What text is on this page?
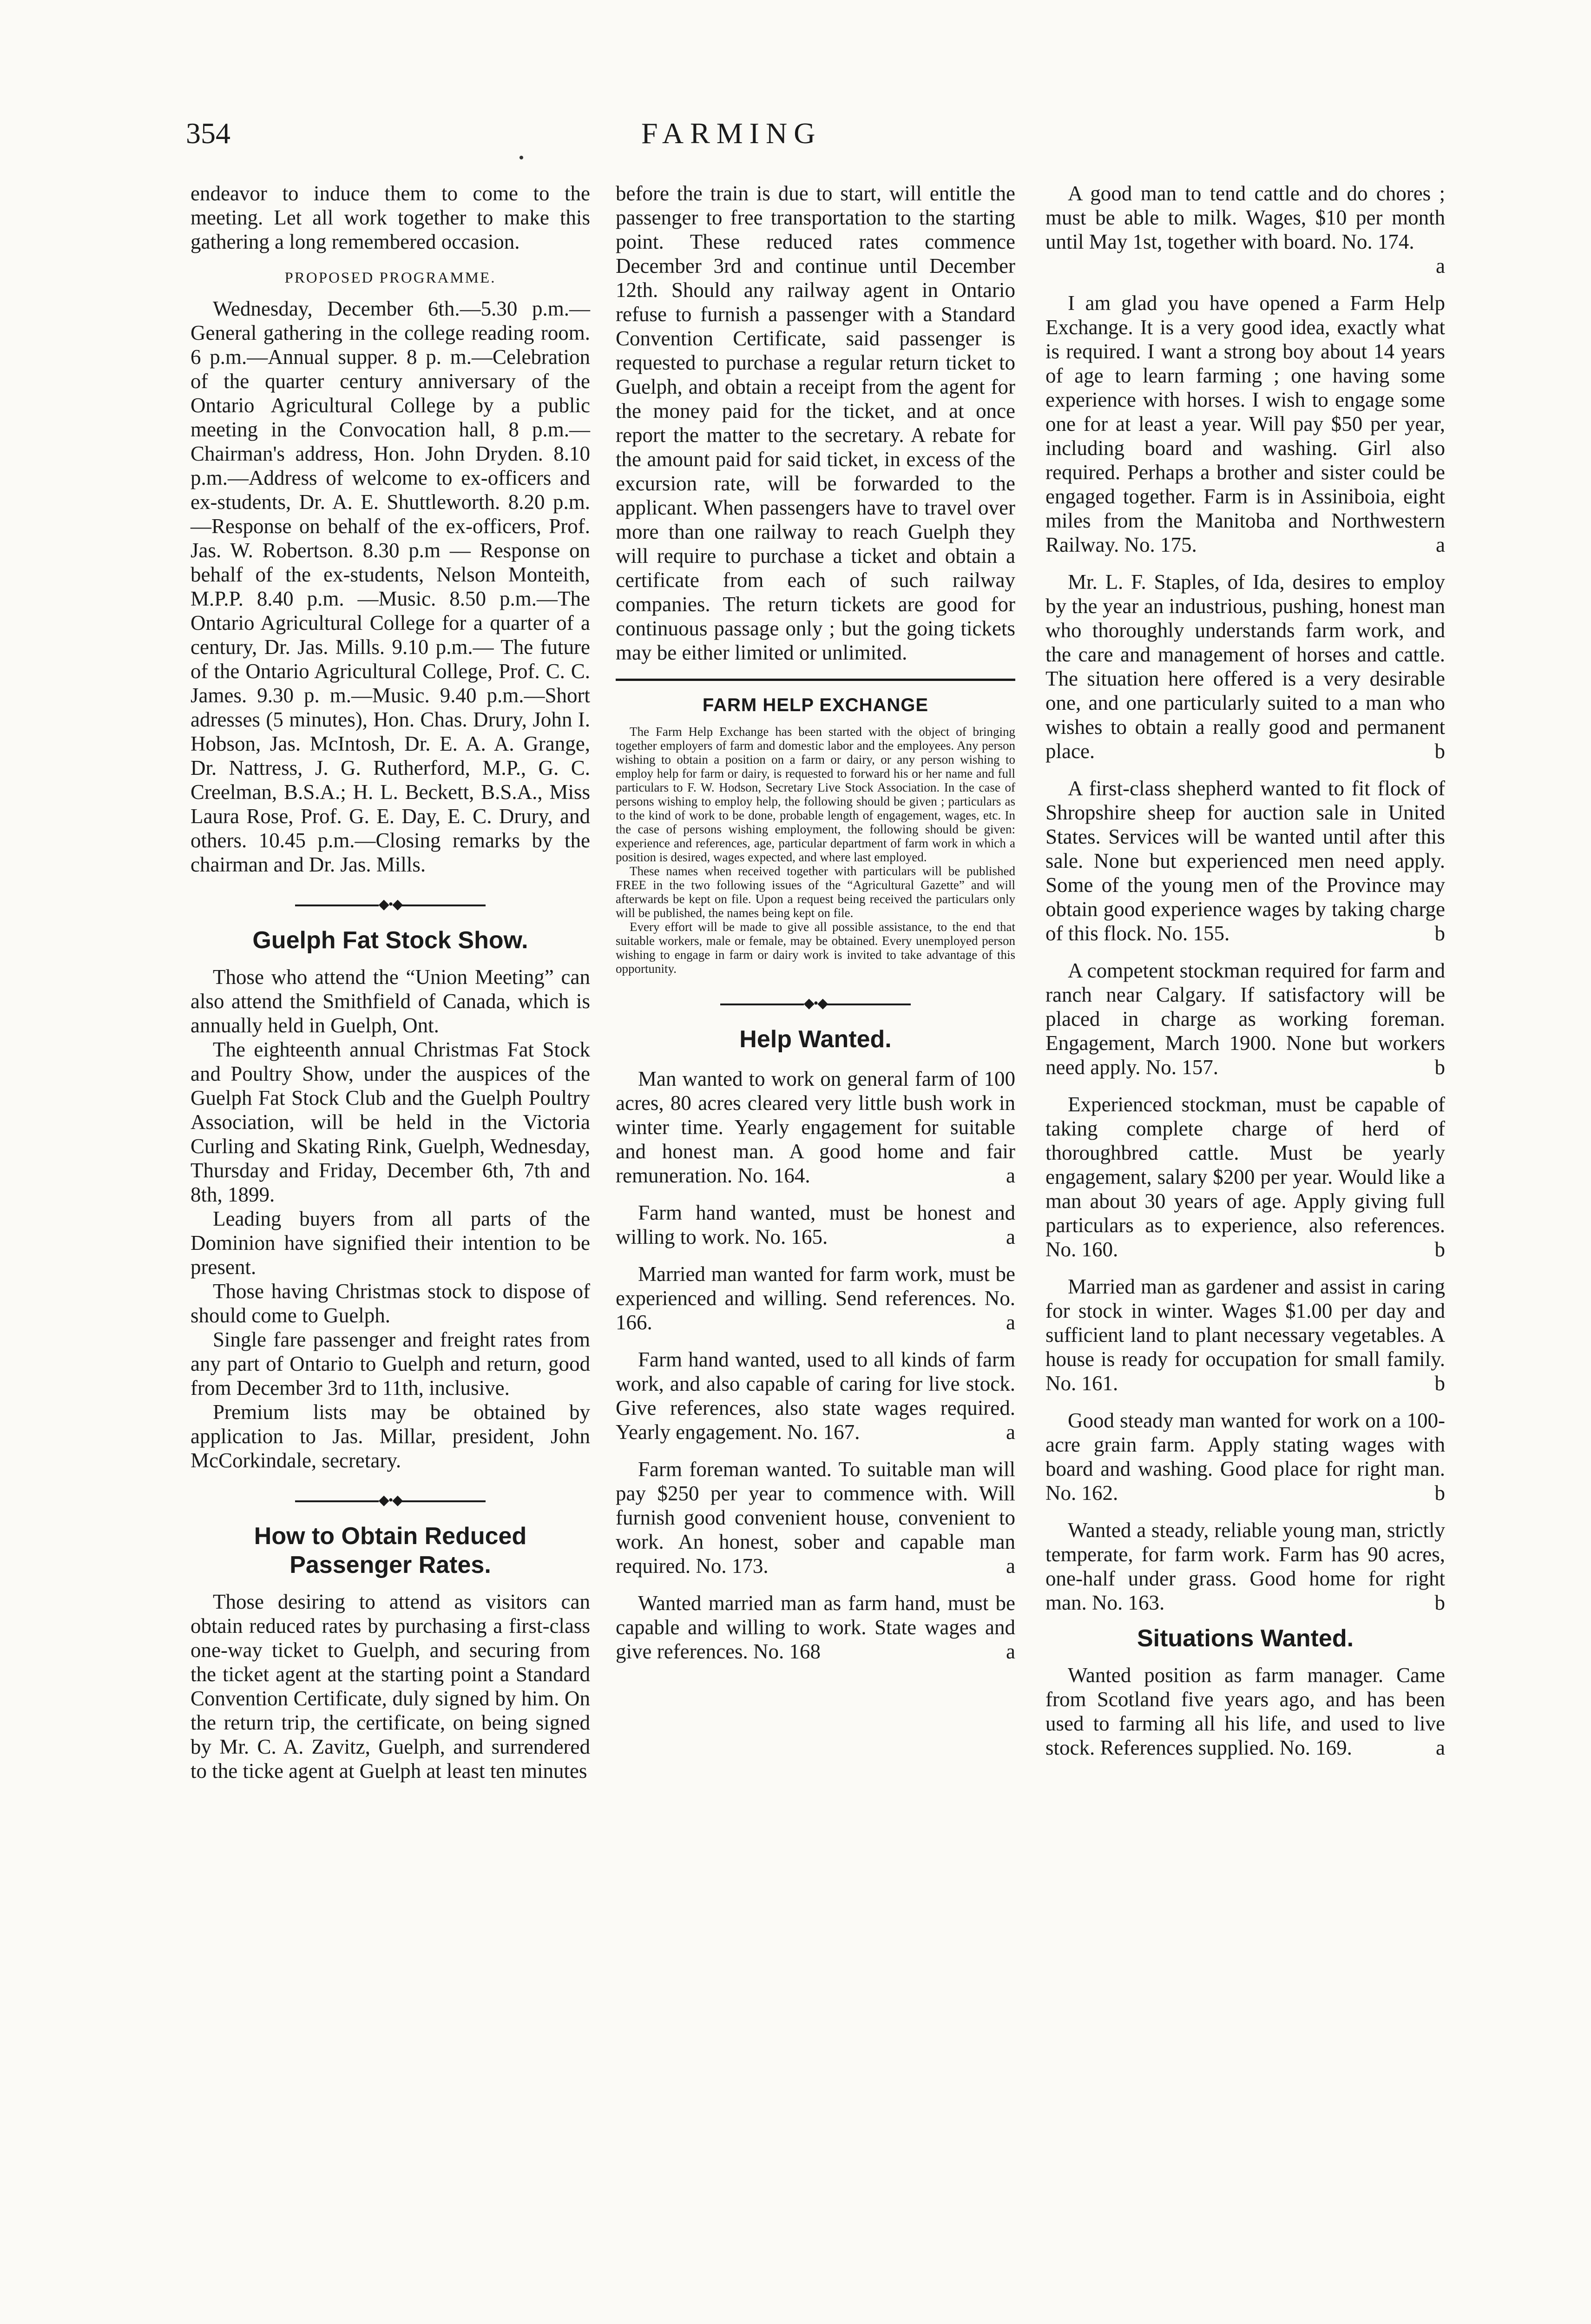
354	FARMING

endeavor to induce them to come to the meeting. Let all work together to make this gathering a long remembered occasion.

PROPOSED PROGRAMME.

Wednesday, December 6th.—5.30 p.m.—General gathering in the college reading room. 6 p.m.—Annual supper. 8 p. m.—Celebration of the quarter century anniversary of the Ontario Agricultural College by a public meeting in the Convocation hall, 8 p.m.—Chairman's address, Hon. John Dryden. 8.10 p.m.—Address of welcome to ex-officers and ex-students, Dr. A. E. Shuttleworth. 8.20 p.m.—Response on behalf of the ex-officers, Prof. Jas. W. Robertson. 8.30 p.m — Response on behalf of the ex-students, Nelson Monteith, M.P.P. 8.40 p.m. —Music. 8.50 p.m.—The Ontario Agricultural College for a quarter of a century, Dr. Jas. Mills. 9.10 p.m.— The future of the Ontario Agricultural College, Prof. C. C. James. 9.30 p. m.—Music. 9.40 p.m.—Short adresses (5 minutes), Hon. Chas. Drury, John I. Hobson, Jas. McIntosh, Dr. E. A. A. Grange, Dr. Nattress, J. G. Rutherford, M.P., G. C. Creelman, B.S.A.; H. L. Beckett, B.S.A., Miss Laura Rose, Prof. G. E. Day, E. C. Drury, and others. 10.45 p.m.—Closing remarks by the chairman and Dr. Jas. Mills.

◆•◆
Guelph Fat Stock Show.

Those who attend the “Union Meeting” can also attend the Smithfield of Canada, which is annually held in Guelph, Ont.

The eighteenth annual Christmas Fat Stock and Poultry Show, under the auspices of the Guelph Fat Stock Club and the Guelph Poultry Association, will be held in the Victoria Curling and Skating Rink, Guelph, Wednesday, Thursday and Friday, December 6th, 7th and 8th, 1899.

Leading buyers from all parts of the Dominion have signified their intention to be present.

Those having Christmas stock to dispose of should come to Guelph.

Single fare passenger and freight rates from any part of Ontario to Guelph and return, good from December 3rd to 11th, inclusive.

Premium lists may be obtained by application to Jas. Millar, president, John McCorkindale, secretary.

◆•◆
How to Obtain Reduced Passenger Rates.

Those desiring to attend as visitors can obtain reduced rates by purchasing a first-class one-way ticket to Guelph, and securing from the ticket agent at the starting point a Standard Convention Certificate, duly signed by him. On the return trip, the certificate, on being signed by Mr. C. A. Zavitz, Guelph, and surrendered to the ticke agent at Guelph at least ten minutes

before the train is due to start, will entitle the passenger to free transportation to the starting point. These reduced rates commence December 3rd and continue until December 12th. Should any railway agent in Ontario refuse to furnish a passenger with a Standard Convention Certificate, said passenger is requested to purchase a regular return ticket to Guelph, and obtain a receipt from the agent for the money paid for the ticket, and at once report the matter to the secretary. A rebate for the amount paid for said ticket, in excess of the excursion rate, will be forwarded to the applicant. When passengers have to travel over more than one railway to reach Guelph they will require to purchase a ticket and obtain a certificate from each of such railway companies. The return tickets are good for continuous passage only ; but the going tickets may be either limited or unlimited.

FARM HELP EXCHANGE

The Farm Help Exchange has been started with the object of bringing together employers of farm and domestic labor and the employees. Any person wishing to obtain a position on a farm or dairy, or any person wishing to employ help for farm or dairy, is requested to forward his or her name and full particulars to F. W. Hodson, Secretary Live Stock Association. In the case of persons wishing to employ help, the following should be given ; particulars as to the kind of work to be done, probable length of engagement, wages, etc. In the case of persons wishing employment, the following should be given: experience and references, age, particular department of farm work in which a position is desired, wages expected, and where last employed.

These names when received together with particulars will be published FREE in the two following issues of the “Agricultural Gazette” and will afterwards be kept on file. Upon a request being received the particulars only will be published, the names being kept on file.

Every effort will be made to give all possible assistance, to the end that suitable workers, male or female, may be obtained. Every unemployed person wishing to engage in farm or dairy work is invited to take advantage of this opportunity.

◆•◆
Help Wanted.

Man wanted to work on general farm of 100 acres, 80 acres cleared very little bush work in winter time. Yearly engagement for suitable and honest man. A good home and fair remuneration. No. 164.	a

Farm hand wanted, must be honest and willing to work. No. 165.	a

Married man wanted for farm work, must be experienced and willing. Send references. No. 166.	a

Farm hand wanted, used to all kinds of farm work, and also capable of caring for live stock. Give references, also state wages required. Yearly engagement. No. 167.	a

Farm foreman wanted. To suitable man will pay $250 per year to commence with. Will furnish good convenient house, convenient to work. An honest, sober and capable man required. No. 173.	a

Wanted married man as farm hand, must be capable and willing to work. State wages and give references. No. 168	a

A good man to tend cattle and do chores ; must be able to milk. Wages, $10 per month until May 1st, together with board. No. 174.
a

I am glad you have opened a Farm Help Exchange. It is a very good idea, exactly what is required. I want a strong boy about 14 years of age to learn farming ; one having some experience with horses. I wish to engage some one for at least a year. Will pay $50 per year, including board and washing. Girl also required. Perhaps a brother and sister could be engaged together. Farm is in Assiniboia, eight miles from the Manitoba and Northwestern Railway. No. 175.	a

Mr. L. F. Staples, of Ida, desires to employ by the year an industrious, pushing, honest man who thoroughly understands farm work, and the care and management of horses and cattle. The situation here offered is a very desirable one, and one particularly suited to a man who wishes to obtain a really good and permanent place.	b

A first-class shepherd wanted to fit flock of Shropshire sheep for auction sale in United States. Services will be wanted until after this sale. None but experienced men need apply. Some of the young men of the Province may obtain good experience wages by taking charge of this flock. No. 155.	b

A competent stockman required for farm and ranch near Calgary. If satisfactory will be placed in charge as working foreman. Engagement, March 1900. None but workers need apply. No. 157.	b

Experienced stockman, must be capable of taking complete charge of herd of thoroughbred cattle. Must be yearly engagement, salary $200 per year. Would like a man about 30 years of age. Apply giving full particulars as to experience, also references. No. 160.	b

Married man as gardener and assist in caring for stock in winter. Wages $1.00 per day and sufficient land to plant necessary vegetables. A house is ready for occupation for small family. No. 161.	b

Good steady man wanted for work on a 100-acre grain farm. Apply stating wages with board and washing. Good place for right man. No. 162.	b

Wanted a steady, reliable young man, strictly temperate, for farm work. Farm has 90 acres, one-half under grass. Good home for right man. No. 163.	b

Situations Wanted.

Wanted position as farm manager. Came from Scotland five years ago, and has been used to farming all his life, and used to live stock. References supplied. No. 169.	a
